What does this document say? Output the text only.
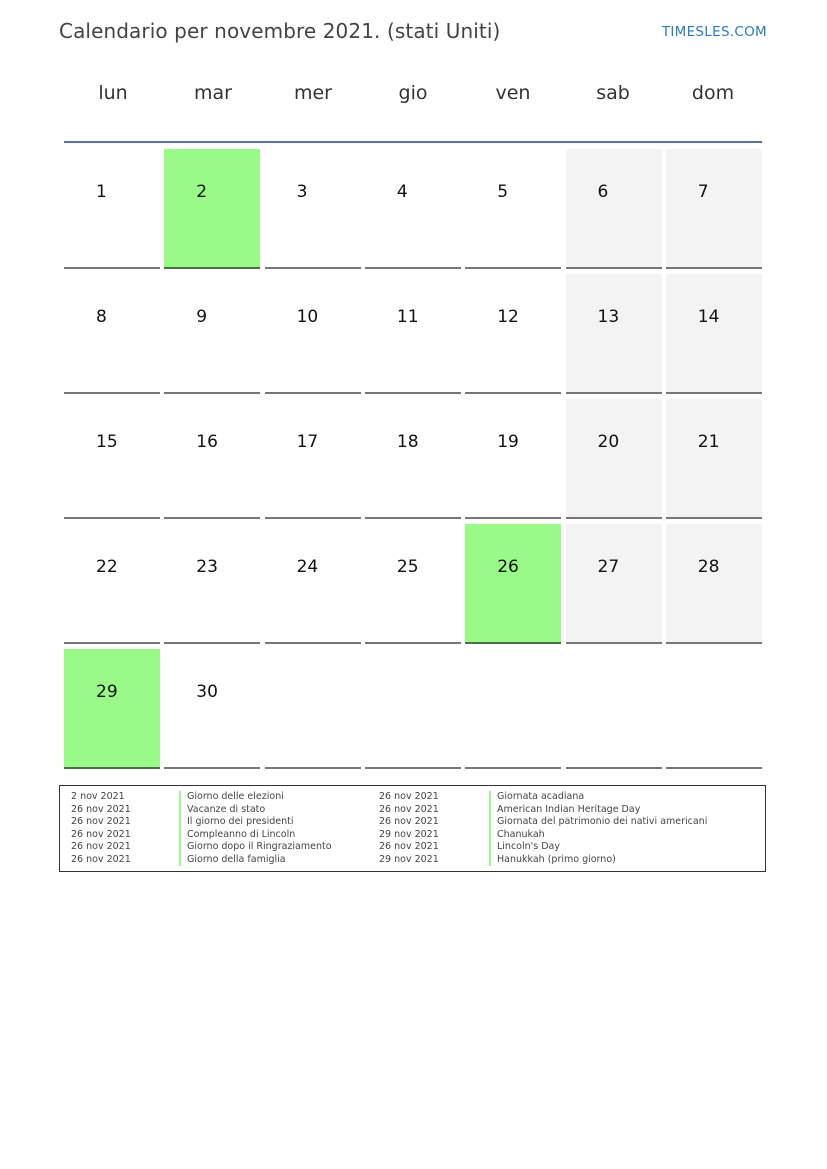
Calendario per novembre 2021. (stati Uniti)	TIMESLES.COM
lun	mar	mer	gio	ven	sab	dom
1	2	3	4	5	6	7
8	9	10	11	12	13	14
15	16	17	18	19	20	21
22	23	24	25	26	27	28
29	30
2 nov 2021	Giorno delle elezioni
26 nov 2021	Vacanze di stato
26 nov 2021	Il giorno dei presidenti
26 nov 2021	Compleanno di Lincoln
26 nov 2021	Giorno dopo il Ringraziamento
26 nov 2021	Giorno della famiglia
26 nov 2021	Giornata acadiana
26 nov 2021	American Indian Heritage Day
26 nov 2021	Giornata del patrimonio dei nativi americani
29 nov 2021	Chanukah
26 nov 2021	Lincoln's Day
29 nov 2021	Hanukkah (primo giorno)
